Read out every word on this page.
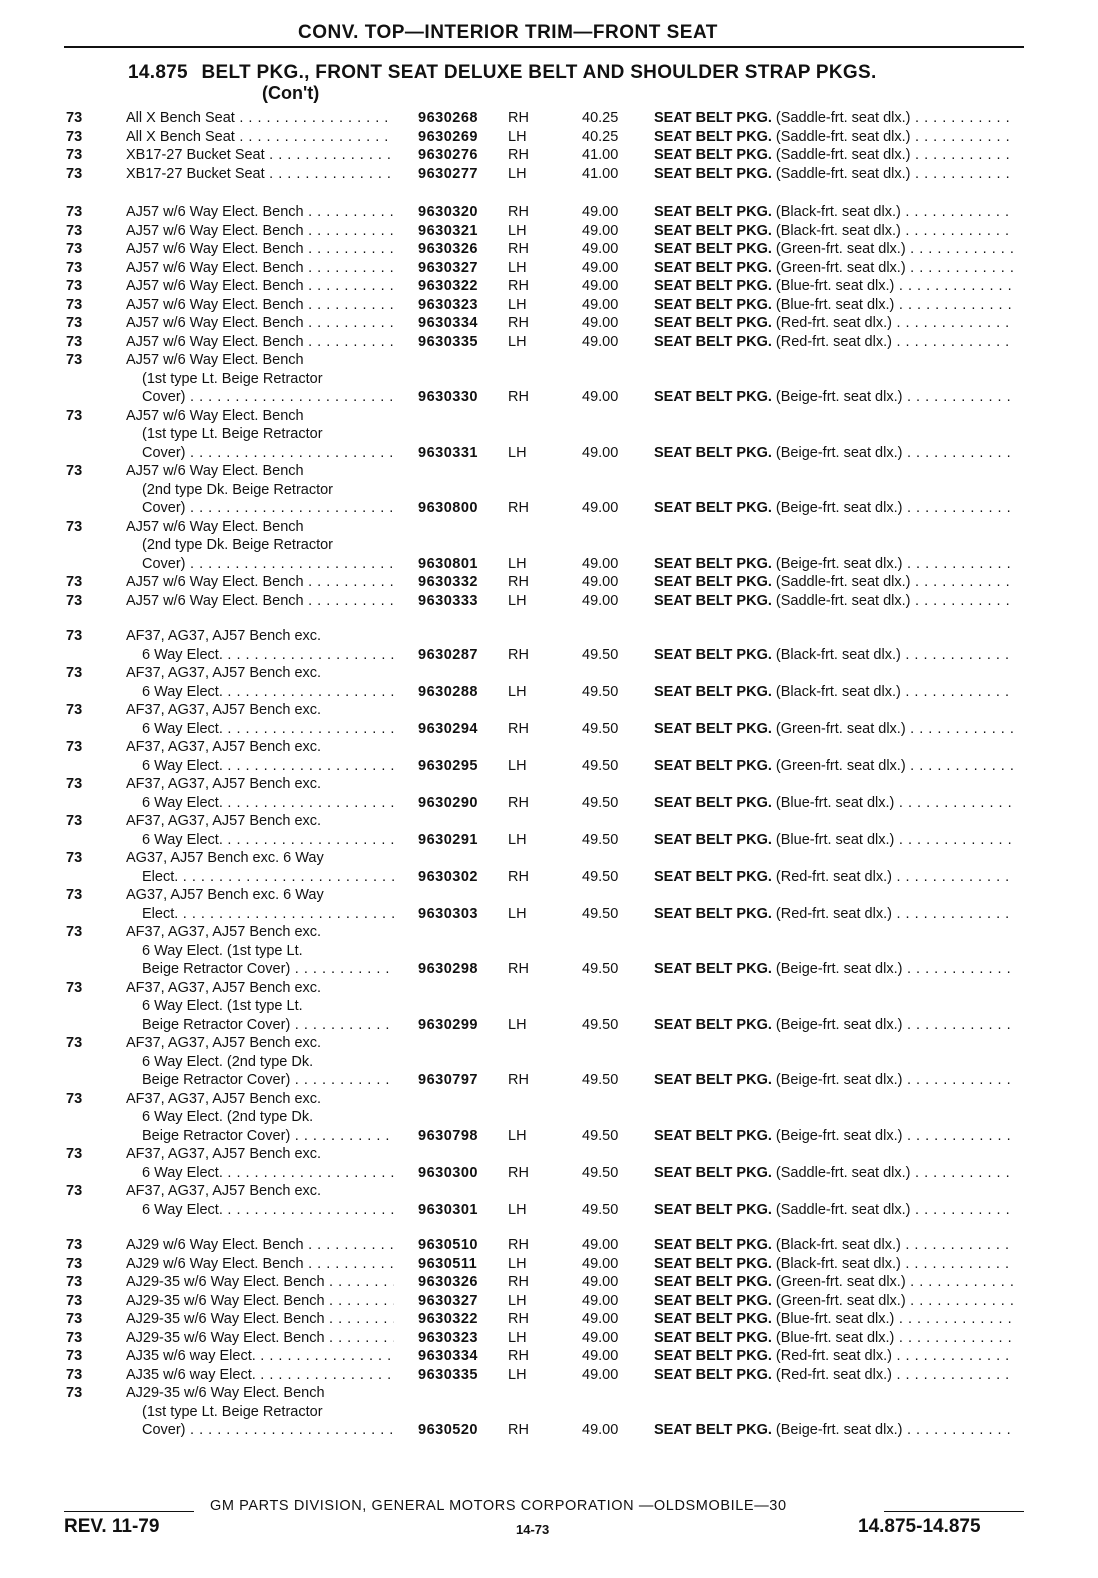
CONV. TOP—INTERIOR TRIM—FRONT SEAT
14.875 BELT PKG., FRONT SEAT DELUXE BELT AND SHOULDER STRAP PKGS.
(Con't)
73	All X Bench Seat . . .	9630268 RH	40.25 SEAT BELT PKG. (Saddle-frt. seat dlx.) . . .
73	All X Bench Seat . . .	9630269 LH	40.25 SEAT BELT PKG. (Saddle-frt. seat dlx.) . . .
73	XB17-27 Bucket Seat . . .	9630276 RH	41.00 SEAT BELT PKG. (Saddle-frt. seat dlx.) . . .
73	XB17-27 Bucket Seat . . .	9630277 LH	41.00 SEAT BELT PKG. (Saddle-frt. seat dlx.) . . .
73	AJ57 w/6 Way Elect. Bench . . .	9630320 RH	49.00 SEAT BELT PKG. (Black-frt. seat dlx.) . . .
73	AJ57 w/6 Way Elect. Bench . . .	9630321 LH	49.00 SEAT BELT PKG. (Black-frt. seat dlx.) . . .
73	AJ57 w/6 Way Elect. Bench . . .	9630326 RH	49.00 SEAT BELT PKG. (Green-frt. seat dlx.) . . .
73	AJ57 w/6 Way Elect. Bench . . .	9630327 LH	49.00 SEAT BELT PKG. (Green-frt. seat dlx.) . . .
73	AJ57 w/6 Way Elect. Bench . . .	9630322 RH	49.00 SEAT BELT PKG. (Blue-frt. seat dlx.) . . .
73	AJ57 w/6 Way Elect. Bench . . .	9630323 LH	49.00 SEAT BELT PKG. (Blue-frt. seat dlx.) . . .
73	AJ57 w/6 Way Elect. Bench . . .	9630334 RH	49.00 SEAT BELT PKG. (Red-frt. seat dlx.) . . .
73	AJ57 w/6 Way Elect. Bench . . .	9630335 LH	49.00 SEAT BELT PKG. (Red-frt. seat dlx.) . . .
73	AJ57 w/6 Way Elect. Bench
(1st type Lt. Beige Retractor
Cover) . . .	9630330 RH	49.00 SEAT BELT PKG. (Beige-frt. seat dlx.) . . .
73	AJ57 w/6 Way Elect. Bench
(1st type Lt. Beige Retractor
Cover) . . .	9630331 LH	49.00 SEAT BELT PKG. (Beige-frt. seat dlx.) . . .
73	AJ57 w/6 Way Elect. Bench
(2nd type Dk. Beige Retractor
Cover) . . .	9630800 RH	49.00 SEAT BELT PKG. (Beige-frt. seat dlx.) . . .
73	AJ57 w/6 Way Elect. Bench
(2nd type Dk. Beige Retractor
Cover) . . .	9630801 LH	49.00 SEAT BELT PKG. (Beige-frt. seat dlx.) . . .
73	AJ57 w/6 Way Elect. Bench . . .	9630332 RH	49.00 SEAT BELT PKG. (Saddle-frt. seat dlx.) . . .
73	AJ57 w/6 Way Elect. Bench . . .	9630333 LH	49.00 SEAT BELT PKG. (Saddle-frt. seat dlx.) . . .
73	AF37, AG37, AJ57 Bench exc.
6 Way Elect. . . .	9630287 RH	49.50 SEAT BELT PKG. (Black-frt. seat dlx.) . . .
73	AF37, AG37, AJ57 Bench exc.
6 Way Elect. . . .	9630288 LH	49.50 SEAT BELT PKG. (Black-frt. seat dlx.) . . .
73	AF37, AG37, AJ57 Bench exc.
6 Way Elect. . . .	9630294 RH	49.50 SEAT BELT PKG. (Green-frt. seat dlx.) . . .
73	AF37, AG37, AJ57 Bench exc.
6 Way Elect. . . .	9630295 LH	49.50 SEAT BELT PKG. (Green-frt. seat dlx.) . . .
73	AF37, AG37, AJ57 Bench exc.
6 Way Elect. . . .	9630290 RH	49.50 SEAT BELT PKG. (Blue-frt. seat dlx.) . . .
73	AF37, AG37, AJ57 Bench exc.
6 Way Elect. . . .	9630291 LH	49.50 SEAT BELT PKG. (Blue-frt. seat dlx.) . . .
73	AG37, AJ57 Bench exc. 6 Way
Elect. . . .	9630302 RH	49.50 SEAT BELT PKG. (Red-frt. seat dlx.) . . .
73	AG37, AJ57 Bench exc. 6 Way
Elect. . . .	9630303 LH	49.50 SEAT BELT PKG. (Red-frt. seat dlx.) . . .
73	AF37, AG37, AJ57 Bench exc.
6 Way Elect. (1st type Lt.
Beige Retractor Cover) . . .	9630298 RH	49.50 SEAT BELT PKG. (Beige-frt. seat dlx.) . . .
73	AF37, AG37, AJ57 Bench exc.
6 Way Elect. (1st type Lt.
Beige Retractor Cover) . . .	9630299 LH	49.50 SEAT BELT PKG. (Beige-frt. seat dlx.) . . .
73	AF37, AG37, AJ57 Bench exc.
6 Way Elect. (2nd type Dk.
Beige Retractor Cover) . . .	9630797 RH	49.50 SEAT BELT PKG. (Beige-frt. seat dlx.) . . .
73	AF37, AG37, AJ57 Bench exc.
6 Way Elect. (2nd type Dk.
Beige Retractor Cover) . . .	9630798 LH	49.50 SEAT BELT PKG. (Beige-frt. seat dlx.) . . .
73	AF37, AG37, AJ57 Bench exc.
6 Way Elect. . . .	9630300 RH	49.50 SEAT BELT PKG. (Saddle-frt. seat dlx.) . . .
73	AF37, AG37, AJ57 Bench exc.
6 Way Elect. . . .	9630301 LH	49.50 SEAT BELT PKG. (Saddle-frt. seat dlx.) . . .
73	AJ29 w/6 Way Elect. Bench . . .	9630510 RH	49.00 SEAT BELT PKG. (Black-frt. seat dlx.) . . .
73	AJ29 w/6 Way Elect. Bench . . .	9630511 LH	49.00 SEAT BELT PKG. (Black-frt. seat dlx.) . . .
73	AJ29-35 w/6 Way Elect. Bench . . .	9630326 RH	49.00 SEAT BELT PKG. (Green-frt. seat dlx.) . . .
73	AJ29-35 w/6 Way Elect. Bench . . .	9630327 LH	49.00 SEAT BELT PKG. (Green-frt. seat dlx.) . . .
73	AJ29-35 w/6 Way Elect. Bench . . .	9630322 RH	49.00 SEAT BELT PKG. (Blue-frt. seat dlx.) . . .
73	AJ29-35 w/6 Way Elect. Bench . . .	9630323 LH	49.00 SEAT BELT PKG. (Blue-frt. seat dlx.) . . .
73	AJ35 w/6 way Elect. . . .	9630334 RH	49.00 SEAT BELT PKG. (Red-frt. seat dlx.) . . .
73	AJ35 w/6 way Elect. . . .	9630335 LH	49.00 SEAT BELT PKG. (Red-frt. seat dlx.) . . .
73	AJ29-35 w/6 Way Elect. Bench
(1st type Lt. Beige Retractor
Cover) . . .	9630520 RH	49.00 SEAT BELT PKG. (Beige-frt. seat dlx.) . . .
GM PARTS DIVISION, GENERAL MOTORS CORPORATION —OLDSMOBILE—30
REV. 11-79	14-73	14.875-14.875
